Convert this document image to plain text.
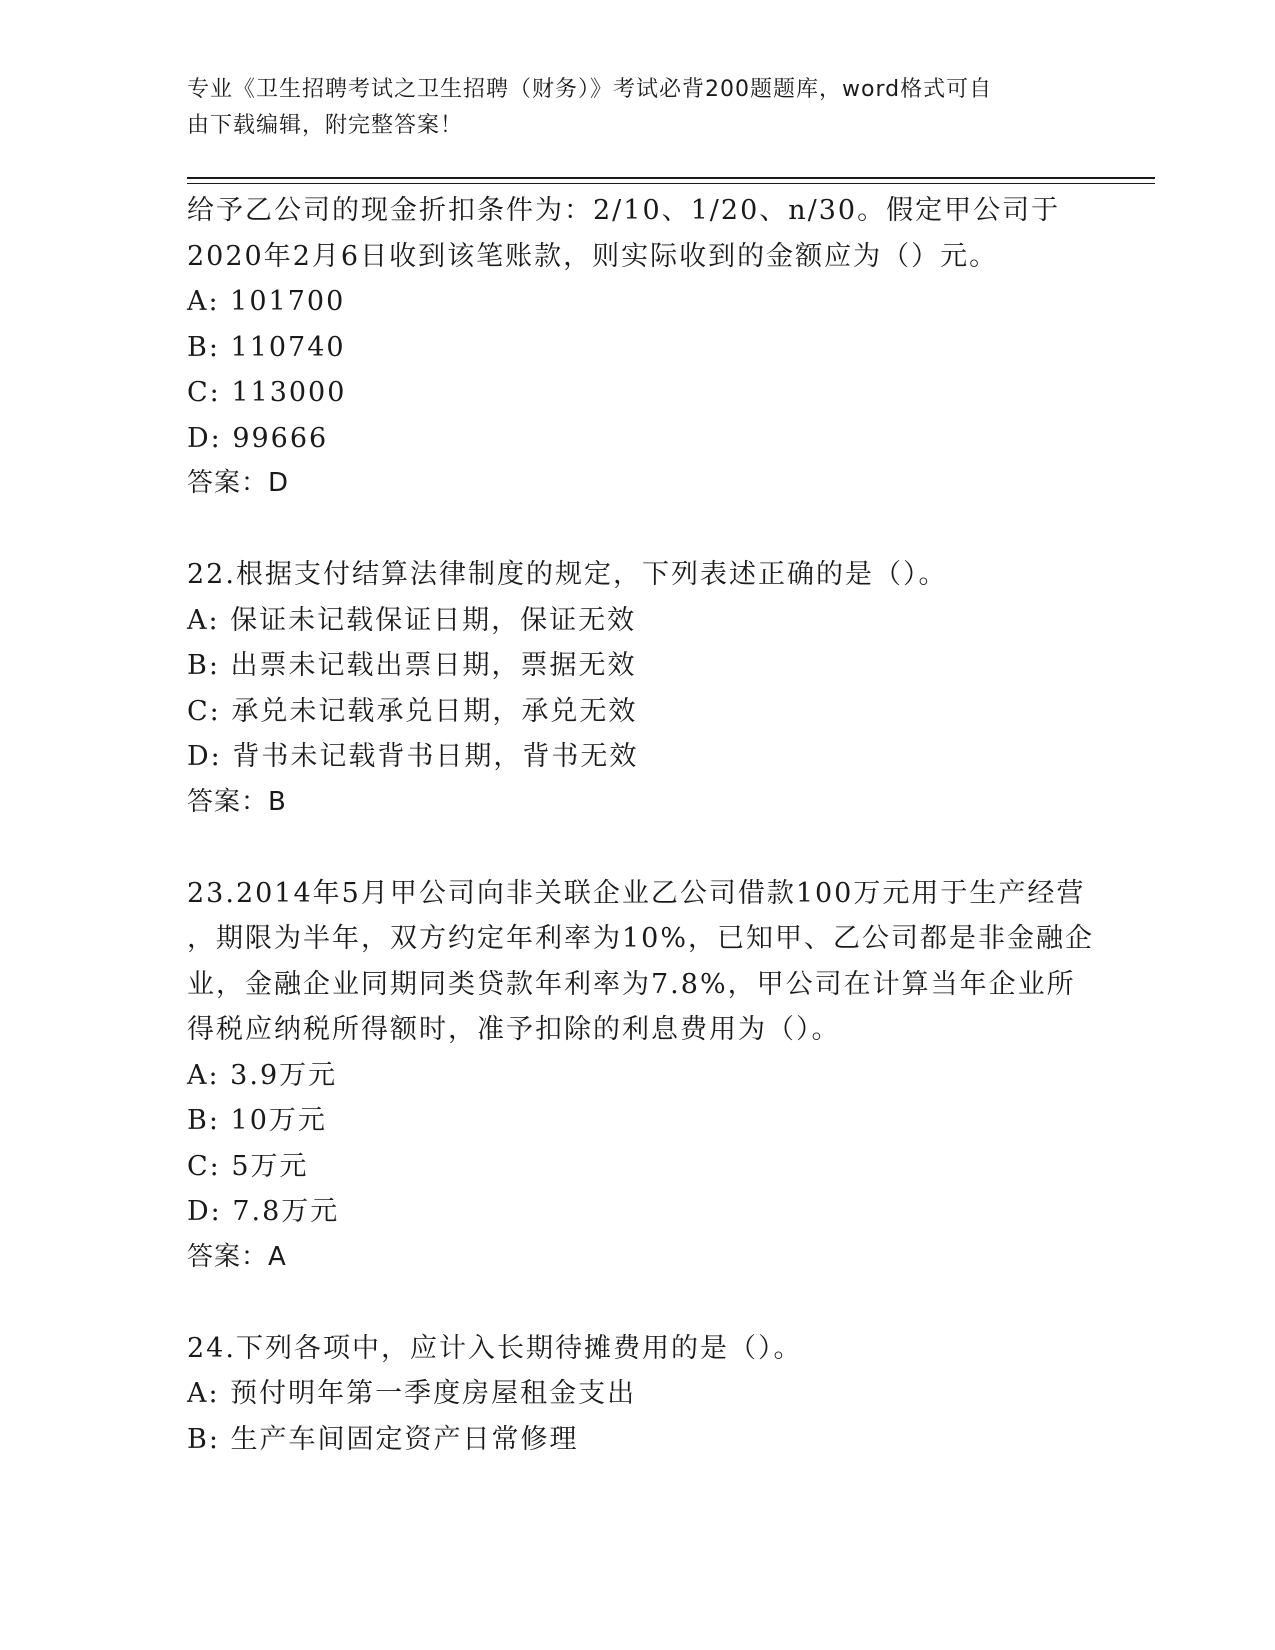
专业《卫生招聘考试之卫生招聘（财务）》考试必背200题题库，word格式可自
由下载编辑，附完整答案！
给予乙公司的现金折扣条件为：2/10、1/20、n/30。假定甲公司于
2020年2月6日收到该笔账款，则实际收到的金额应为（）元。
A: 101700
B: 110740
C: 113000
D: 99666
答案：D
22.根据支付结算法律制度的规定，下列表述正确的是（）。
A: 保证未记载保证日期，保证无效
B: 出票未记载出票日期，票据无效
C: 承兑未记载承兑日期，承兑无效
D: 背书未记载背书日期，背书无效
答案：B
23.2014年5月甲公司向非关联企业乙公司借款100万元用于生产经营
，期限为半年，双方约定年利率为10%，已知甲、乙公司都是非金融企
业，金融企业同期同类贷款年利率为7.8%，甲公司在计算当年企业所
得税应纳税所得额时，准予扣除的利息费用为（）。
A: 3.9万元
B: 10万元
C: 5万元
D: 7.8万元
答案：A
24.下列各项中，应计入长期待摊费用的是（）。
A: 预付明年第一季度房屋租金支出
B: 生产车间固定资产日常修理
